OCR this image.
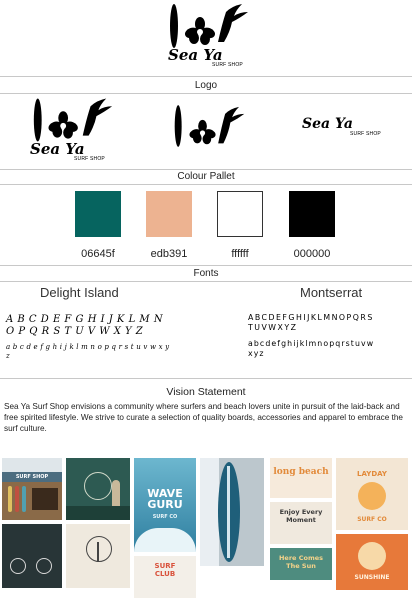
Sea Ya
SURF SHOP
Logo
Sea Ya
SURF SHOP
Sea Ya
SURF SHOP
Colour Pallet
06645f	edb391	ffffff	000000
Fonts
Delight Island	Montserrat
A B C D E F G H I J K L M N
O P Q R S T U V W X Y Z
a b c d e f g h i j k l m n o p q r s t u v w x y z
ABCDEFGHIJKLMNOPQRS
TUVWXYZ
abcdefghijklmnopqrstuvw
xyz
Vision Statement
Sea Ya Surf Shop envisions a community where surfers and beach lovers unite in pursuit of the laid-back and free spirited lifestyle. We strive to curate a selection of quality boards, accessories and apparel to embrace the surf culture.
SURF SHOP
WAVE GURU
SURF CO
long beach	LAYDAY
SURF CO
Enjoy Every Moment
SURF CLUB
Here Comes The Sun
SUNSHINE
